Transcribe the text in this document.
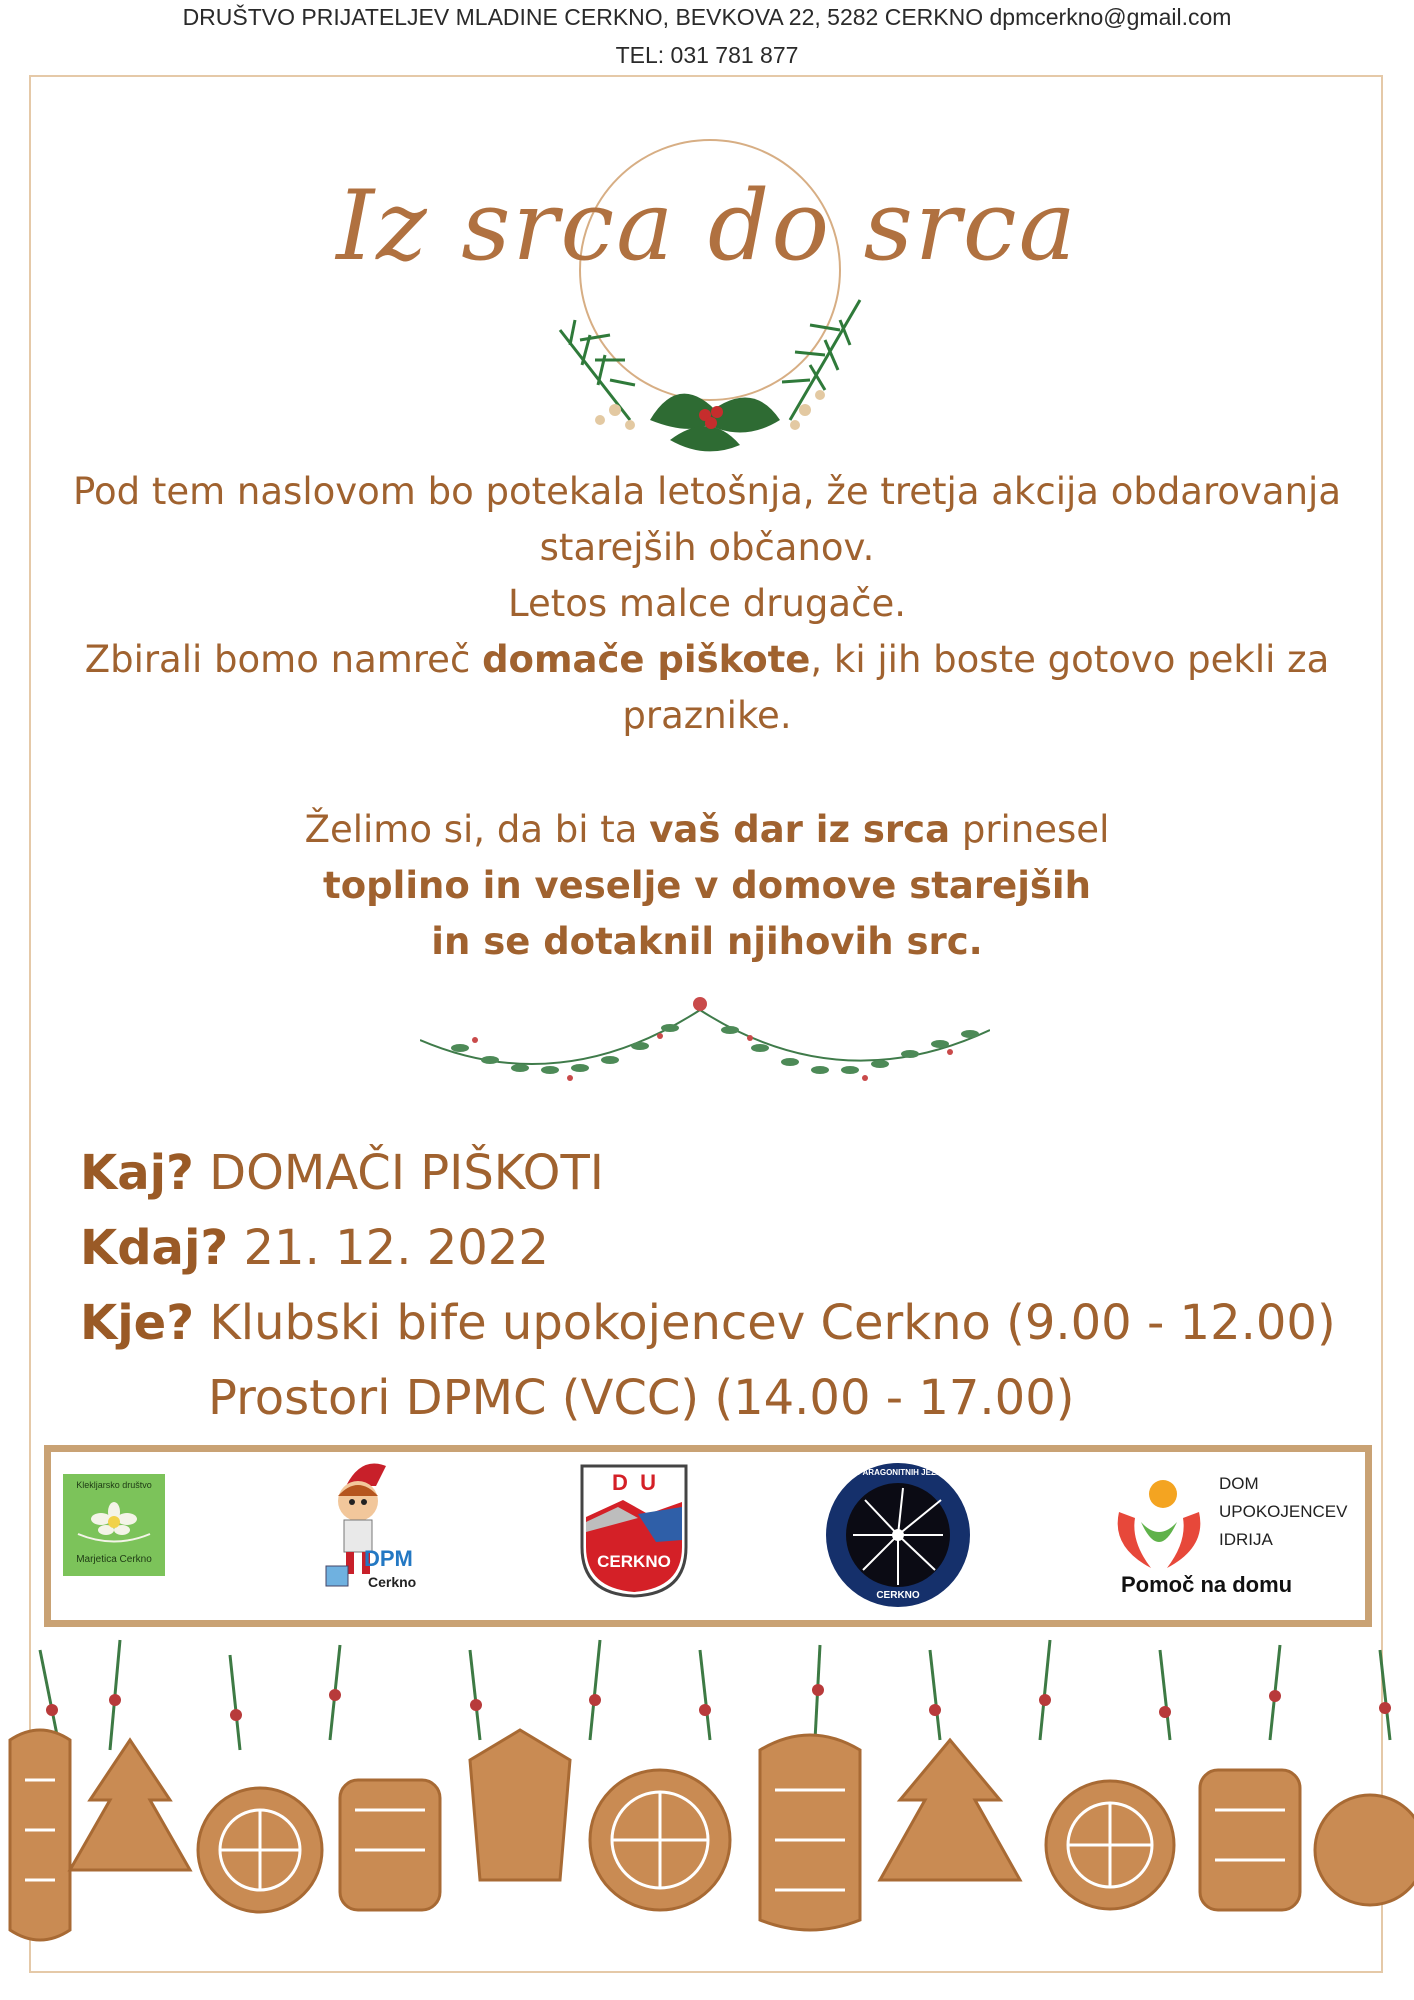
DRUŠTVO PRIJATELJEV MLADINE CERKNO, BEVKOVA 22, 5282 CERKNO dpmcerkno@gmail.com
TEL: 031 781 877
Iz srca do srca
Pod tem naslovom bo potekala letošnja, že tretja akcija obdarovanja
starejših občanov.
Letos malce drugače.
Zbirali bomo namreč domače piškote, ki jih boste gotovo pekli za
praznike.
Želimo si, da bi ta vaš dar iz srca prinesel
toplino in veselje v domove starejših
in se dotaknil njihovih src.
Kaj? DOMAČI PIŠKOTI
Kdaj? 21. 12. 2022
Kje? Klubski bife upokojencev Cerkno (9.00 - 12.00)
Prostori DPMC (VCC) (14.00 - 17.00)
Klekljarsko društvo
Marjetica Cerkno	DPM
Cerkno
D  U
CERKNO
ROD ARAGONITNIH JEŽKOV
CERKNO
DOM
UPOKOJENCEV
IDRIJA
Pomoč na domu
